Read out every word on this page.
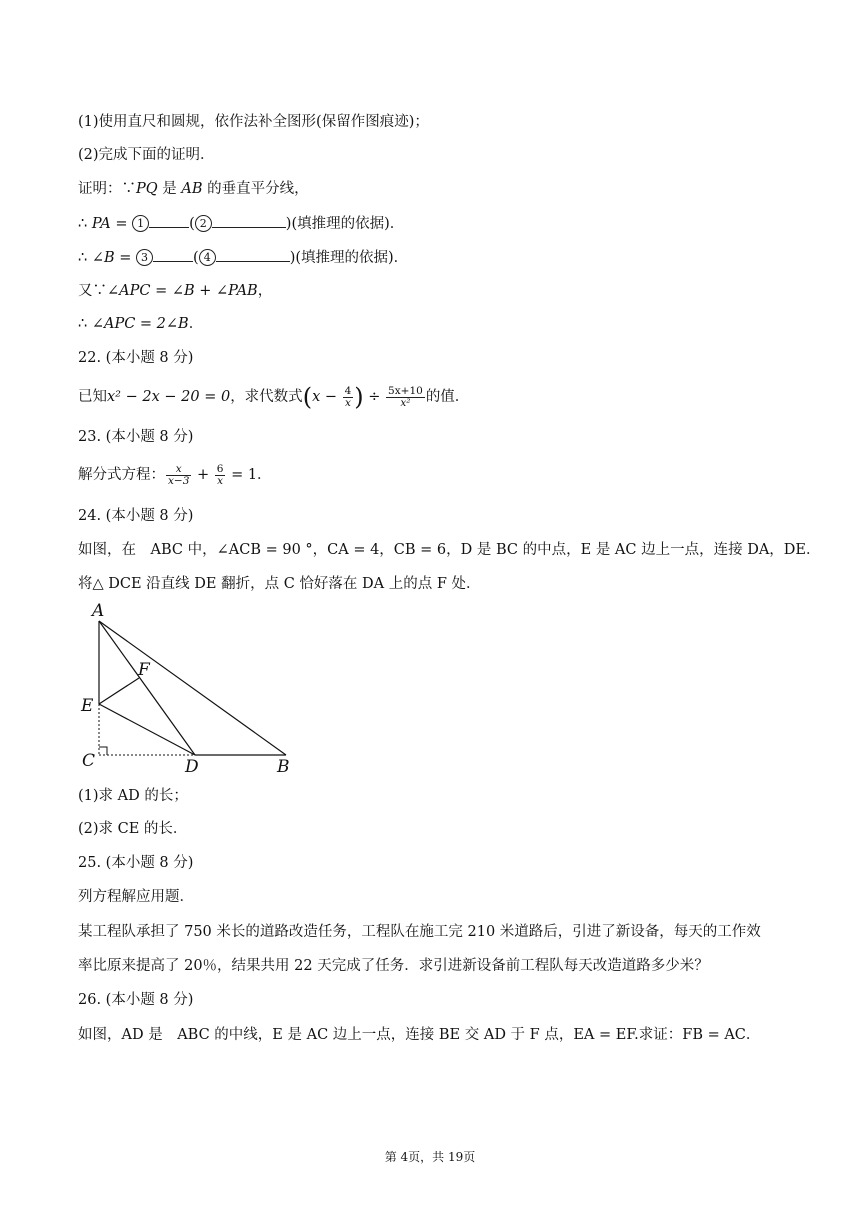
(1)使用直尺和圆规，依作法补全图形(保留作图痕迹)；
(2)完成下面的证明．
证明：∵PQ 是 AB 的垂直平分线，
∴ PA = 1	( 2	)(填推理的依据)．
∴ ∠B = 3	( 4	)(填推理的依据)．
又∵∠APC = ∠B + ∠PAB，
∴ ∠APC = 2∠B．
22. (本小题 8 分)
已知x² − 2x − 20 = 0，求代数式($x - \frac{4}{x}$ ) ÷ $\frac{5x+10}{\text{x²}}$ 的值．
23. (本小题 8 分)
解分式方程： $\frac{x}{x-3} + \frac{6}{x} = 1$．
24. (本小题 8 分)
如图，在　ABC 中，∠ACB = 90 °，CA = 4，CB = 6，D 是 BC 的中点，E 是 AC 边上一点，连接 DA，DE．
将△ DCE 沿直线 DE 翻折，点 C 恰好落在 DA 上的点 F 处．
A
F
E
C	D	B
(1)求 AD 的长；
(2)求 CE 的长．
25. (本小题 8 分)
列方程解应用题．
某工程队承担了 750 米长的道路改造任务，工程队在施工完 210 米道路后，引进了新设备，每天的工作效
率比原来提高了 20％，结果共用 22 天完成了任务．求引进新设备前工程队每天改造道路多少米？
26. (本小题 8 分)
如图，AD 是　ABC 的中线，E 是 AC 边上一点，连接 BE 交 AD 于 F 点，EA = EF.求证：FB = AC．
第 4页，共 19页
